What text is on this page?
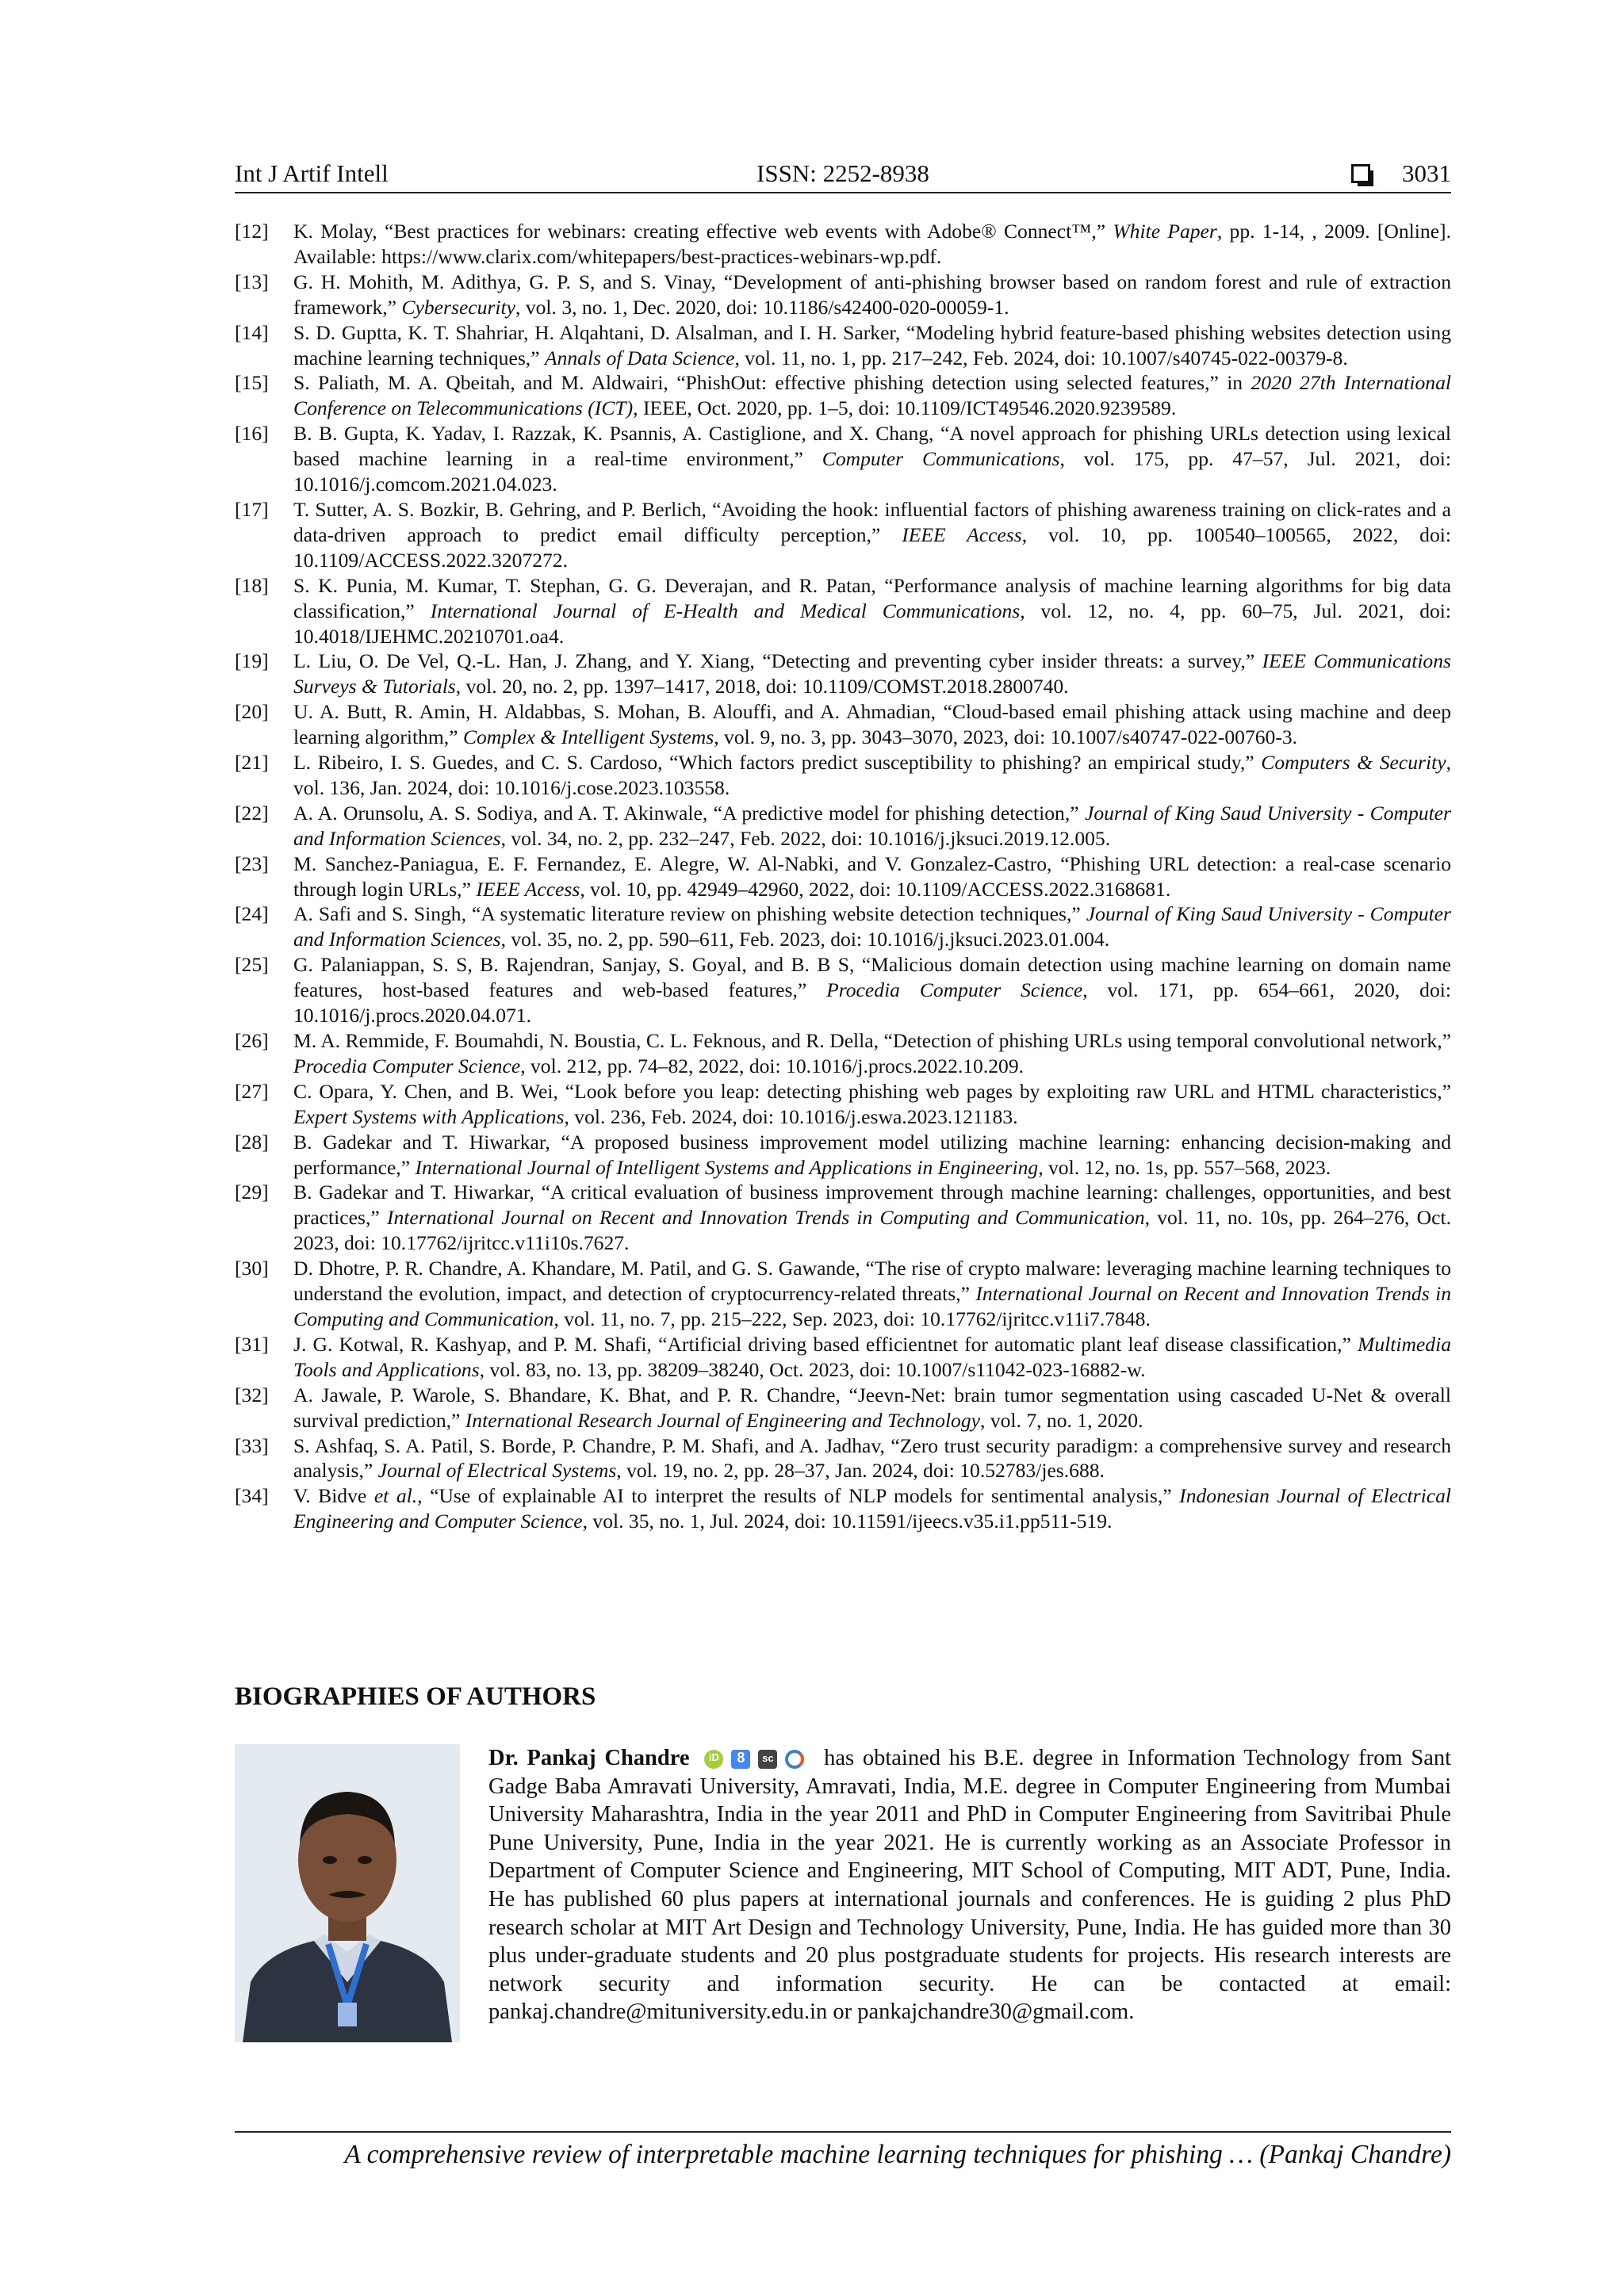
Int J Artif Intell	ISSN: 2252-8938	3031
[12]	K. Molay, “Best practices for webinars: creating effective web events with Adobe® Connect™,” White Paper, pp. 1-14, , 2009. [Online]. Available: https://www.clarix.com/whitepapers/best-practices-webinars-wp.pdf.
[13]	G. H. Mohith, M. Adithya, G. P. S, and S. Vinay, “Development of anti-phishing browser based on random forest and rule of extraction framework,” Cybersecurity, vol. 3, no. 1, Dec. 2020, doi: 10.1186/s42400-020-00059-1.
[14]	S. D. Guptta, K. T. Shahriar, H. Alqahtani, D. Alsalman, and I. H. Sarker, “Modeling hybrid feature-based phishing websites detection using machine learning techniques,” Annals of Data Science, vol. 11, no. 1, pp. 217–242, Feb. 2024, doi: 10.1007/s40745-022-00379-8.
[15]	S. Paliath, M. A. Qbeitah, and M. Aldwairi, “PhishOut: effective phishing detection using selected features,” in 2020 27th International Conference on Telecommunications (ICT), IEEE, Oct. 2020, pp. 1–5, doi: 10.1109/ICT49546.2020.9239589.
[16]	B. B. Gupta, K. Yadav, I. Razzak, K. Psannis, A. Castiglione, and X. Chang, “A novel approach for phishing URLs detection using lexical based machine learning in a real-time environment,” Computer Communications, vol. 175, pp. 47–57, Jul. 2021, doi: 10.1016/j.comcom.2021.04.023.
[17]	T. Sutter, A. S. Bozkir, B. Gehring, and P. Berlich, “Avoiding the hook: influential factors of phishing awareness training on click-rates and a data-driven approach to predict email difficulty perception,” IEEE Access, vol. 10, pp. 100540–100565, 2022, doi: 10.1109/ACCESS.2022.3207272.
[18]	S. K. Punia, M. Kumar, T. Stephan, G. G. Deverajan, and R. Patan, “Performance analysis of machine learning algorithms for big data classification,” International Journal of E-Health and Medical Communications, vol. 12, no. 4, pp. 60–75, Jul. 2021, doi: 10.4018/IJEHMC.20210701.oa4.
[19]	L. Liu, O. De Vel, Q.-L. Han, J. Zhang, and Y. Xiang, “Detecting and preventing cyber insider threats: a survey,” IEEE Communications Surveys & Tutorials, vol. 20, no. 2, pp. 1397–1417, 2018, doi: 10.1109/COMST.2018.2800740.
[20]	U. A. Butt, R. Amin, H. Aldabbas, S. Mohan, B. Alouffi, and A. Ahmadian, “Cloud-based email phishing attack using machine and deep learning algorithm,” Complex & Intelligent Systems, vol. 9, no. 3, pp. 3043–3070, 2023, doi: 10.1007/s40747-022-00760-3.
[21]	L. Ribeiro, I. S. Guedes, and C. S. Cardoso, “Which factors predict susceptibility to phishing? an empirical study,” Computers & Security, vol. 136, Jan. 2024, doi: 10.1016/j.cose.2023.103558.
[22]	A. A. Orunsolu, A. S. Sodiya, and A. T. Akinwale, “A predictive model for phishing detection,” Journal of King Saud University - Computer and Information Sciences, vol. 34, no. 2, pp. 232–247, Feb. 2022, doi: 10.1016/j.jksuci.2019.12.005.
[23]	M. Sanchez-Paniagua, E. F. Fernandez, E. Alegre, W. Al-Nabki, and V. Gonzalez-Castro, “Phishing URL detection: a real-case scenario through login URLs,” IEEE Access, vol. 10, pp. 42949–42960, 2022, doi: 10.1109/ACCESS.2022.3168681.
[24]	A. Safi and S. Singh, “A systematic literature review on phishing website detection techniques,” Journal of King Saud University - Computer and Information Sciences, vol. 35, no. 2, pp. 590–611, Feb. 2023, doi: 10.1016/j.jksuci.2023.01.004.
[25]	G. Palaniappan, S. S, B. Rajendran, Sanjay, S. Goyal, and B. B S, “Malicious domain detection using machine learning on domain name features, host-based features and web-based features,” Procedia Computer Science, vol. 171, pp. 654–661, 2020, doi: 10.1016/j.procs.2020.04.071.
[26]	M. A. Remmide, F. Boumahdi, N. Boustia, C. L. Feknous, and R. Della, “Detection of phishing URLs using temporal convolutional network,” Procedia Computer Science, vol. 212, pp. 74–82, 2022, doi: 10.1016/j.procs.2022.10.209.
[27]	C. Opara, Y. Chen, and B. Wei, “Look before you leap: detecting phishing web pages by exploiting raw URL and HTML characteristics,” Expert Systems with Applications, vol. 236, Feb. 2024, doi: 10.1016/j.eswa.2023.121183.
[28]	B. Gadekar and T. Hiwarkar, “A proposed business improvement model utilizing machine learning: enhancing decision-making and performance,” International Journal of Intelligent Systems and Applications in Engineering, vol. 12, no. 1s, pp. 557–568, 2023.
[29]	B. Gadekar and T. Hiwarkar, “A critical evaluation of business improvement through machine learning: challenges, opportunities, and best practices,” International Journal on Recent and Innovation Trends in Computing and Communication, vol. 11, no. 10s, pp. 264–276, Oct. 2023, doi: 10.17762/ijritcc.v11i10s.7627.
[30]	D. Dhotre, P. R. Chandre, A. Khandare, M. Patil, and G. S. Gawande, “The rise of crypto malware: leveraging machine learning techniques to understand the evolution, impact, and detection of cryptocurrency-related threats,” International Journal on Recent and Innovation Trends in Computing and Communication, vol. 11, no. 7, pp. 215–222, Sep. 2023, doi: 10.17762/ijritcc.v11i7.7848.
[31]	J. G. Kotwal, R. Kashyap, and P. M. Shafi, “Artificial driving based efficientnet for automatic plant leaf disease classification,” Multimedia Tools and Applications, vol. 83, no. 13, pp. 38209–38240, Oct. 2023, doi: 10.1007/s11042-023-16882-w.
[32]	A. Jawale, P. Warole, S. Bhandare, K. Bhat, and P. R. Chandre, “Jeevn-Net: brain tumor segmentation using cascaded U-Net & overall survival prediction,” International Research Journal of Engineering and Technology, vol. 7, no. 1, 2020.
[33]	S. Ashfaq, S. A. Patil, S. Borde, P. Chandre, P. M. Shafi, and A. Jadhav, “Zero trust security paradigm: a comprehensive survey and research analysis,” Journal of Electrical Systems, vol. 19, no. 2, pp. 28–37, Jan. 2024, doi: 10.52783/jes.688.
[34]	V. Bidve et al., “Use of explainable AI to interpret the results of NLP models for sentimental analysis,” Indonesian Journal of Electrical Engineering and Computer Science, vol. 35, no. 1, Jul. 2024, doi: 10.11591/ijeecs.v35.i1.pp511-519.
BIOGRAPHIES OF AUTHORS
Dr. Pankaj Chandre iD 8 sc	has obtained his B.E. degree in Information Technology from Sant Gadge Baba Amravati University, Amravati, India, M.E. degree in Computer Engineering from Mumbai University Maharashtra, India in the year 2011 and PhD in Computer Engineering from Savitribai Phule Pune University, Pune, India in the year 2021. He is currently working as an Associate Professor in Department of Computer Science and Engineering, MIT School of Computing, MIT ADT, Pune, India. He has published 60 plus papers at international journals and conferences. He is guiding 2 plus PhD research scholar at MIT Art Design and Technology University, Pune, India. He has guided more than 30 plus under-graduate students and 20 plus postgraduate students for projects. His research interests are network security and information security. He can be contacted at email: pankaj.chandre@mituniversity.edu.in or pankajchandre30@gmail.com.
A comprehensive review of interpretable machine learning techniques for phishing … (Pankaj Chandre)
